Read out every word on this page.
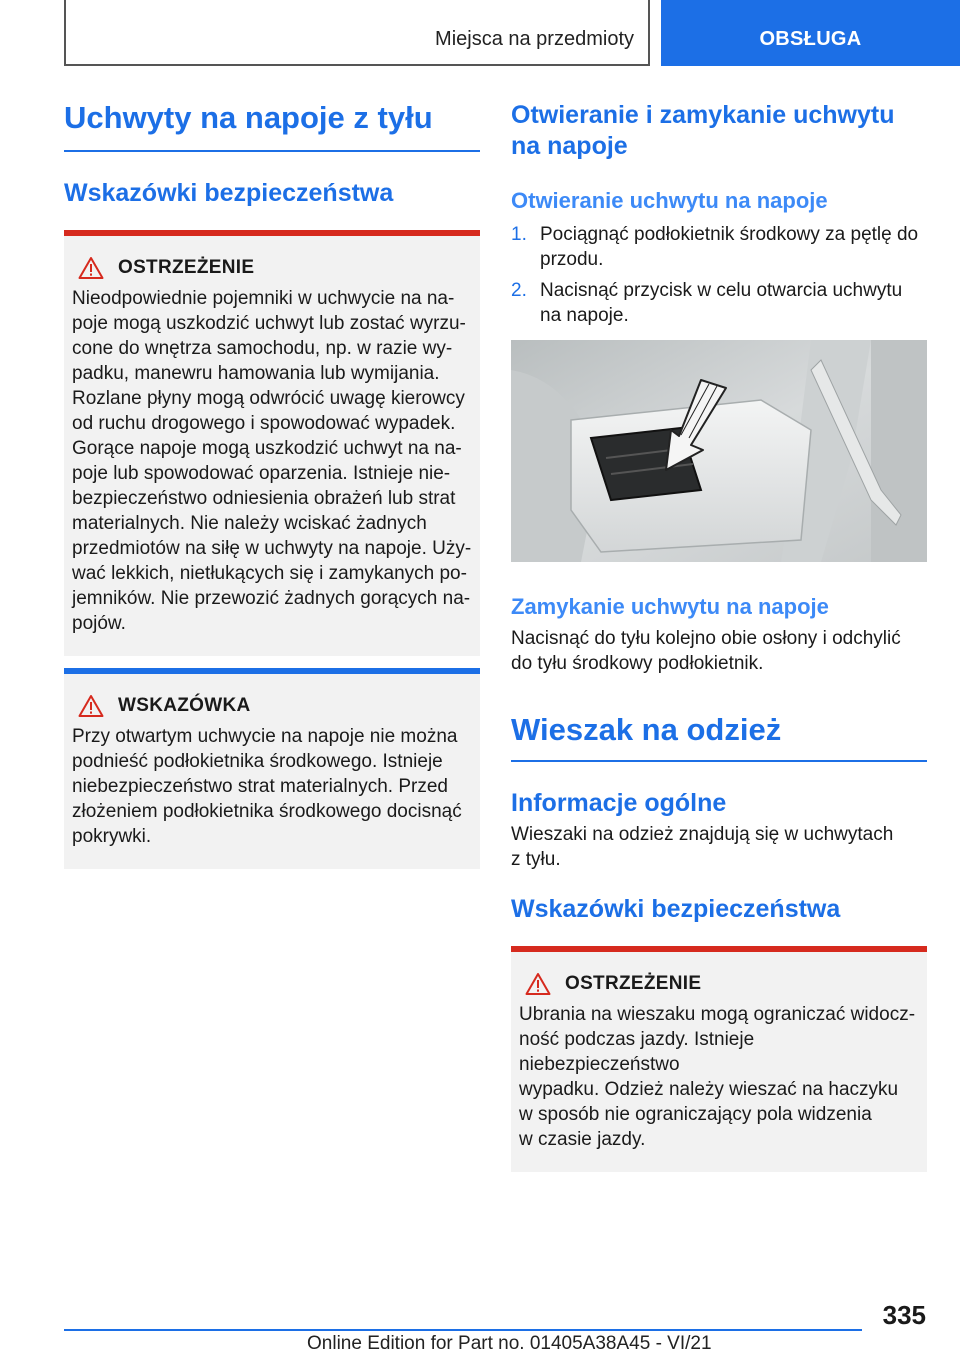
Miejsca na przedmioty	OBSŁUGA
Uchwyty na napoje z tyłu
Wskazówki bezpieczeństwa
OSTRZEŻENIE
Nieodpowiednie pojemniki w uchwycie na na-
poje mogą uszkodzić uchwyt lub zostać wyrzu-
cone do wnętrza samochodu, np. w razie wy-
padku, manewru hamowania lub wymijania.
Rozlane płyny mogą odwrócić uwagę kierowcy
od ruchu drogowego i spowodować wypadek.
Gorące napoje mogą uszkodzić uchwyt na na-
poje lub spowodować oparzenia. Istnieje nie-
bezpieczeństwo odniesienia obrażeń lub strat
materialnych. Nie należy wciskać żadnych
przedmiotów na siłę w uchwyty na napoje. Uży-
wać lekkich, nietłukących się i zamykanych po-
jemników. Nie przewozić żadnych gorących na-
pojów.
WSKAZÓWKA
Przy otwartym uchwycie na napoje nie można
podnieść podłokietnika środkowego. Istnieje
niebezpieczeństwo strat materialnych. Przed
złożeniem podłokietnika środkowego docisnąć
pokrywki.
Otwieranie i zamykanie uchwytu
na napoje
Otwieranie uchwytu na napoje
1. Pociągnąć podłokietnik środkowy za pętlę do
przodu.
2. Nacisnąć przycisk w celu otwarcia uchwytu
na napoje.
Zamykanie uchwytu na napoje
Nacisnąć do tyłu kolejno obie osłony i odchylić
do tyłu środkowy podłokietnik.
Wieszak na odzież
Informacje ogólne
Wieszaki na odzież znajdują się w uchwytach
z tyłu.
Wskazówki bezpieczeństwa
OSTRZEŻENIE
Ubrania na wieszaku mogą ograniczać widocz-
ność podczas jazdy. Istnieje niebezpieczeństwo
wypadku. Odzież należy wieszać na haczyku
w sposób nie ograniczający pola widzenia
w czasie jazdy.
335
Online Edition for Part no. 01405A38A45 - VI/21
